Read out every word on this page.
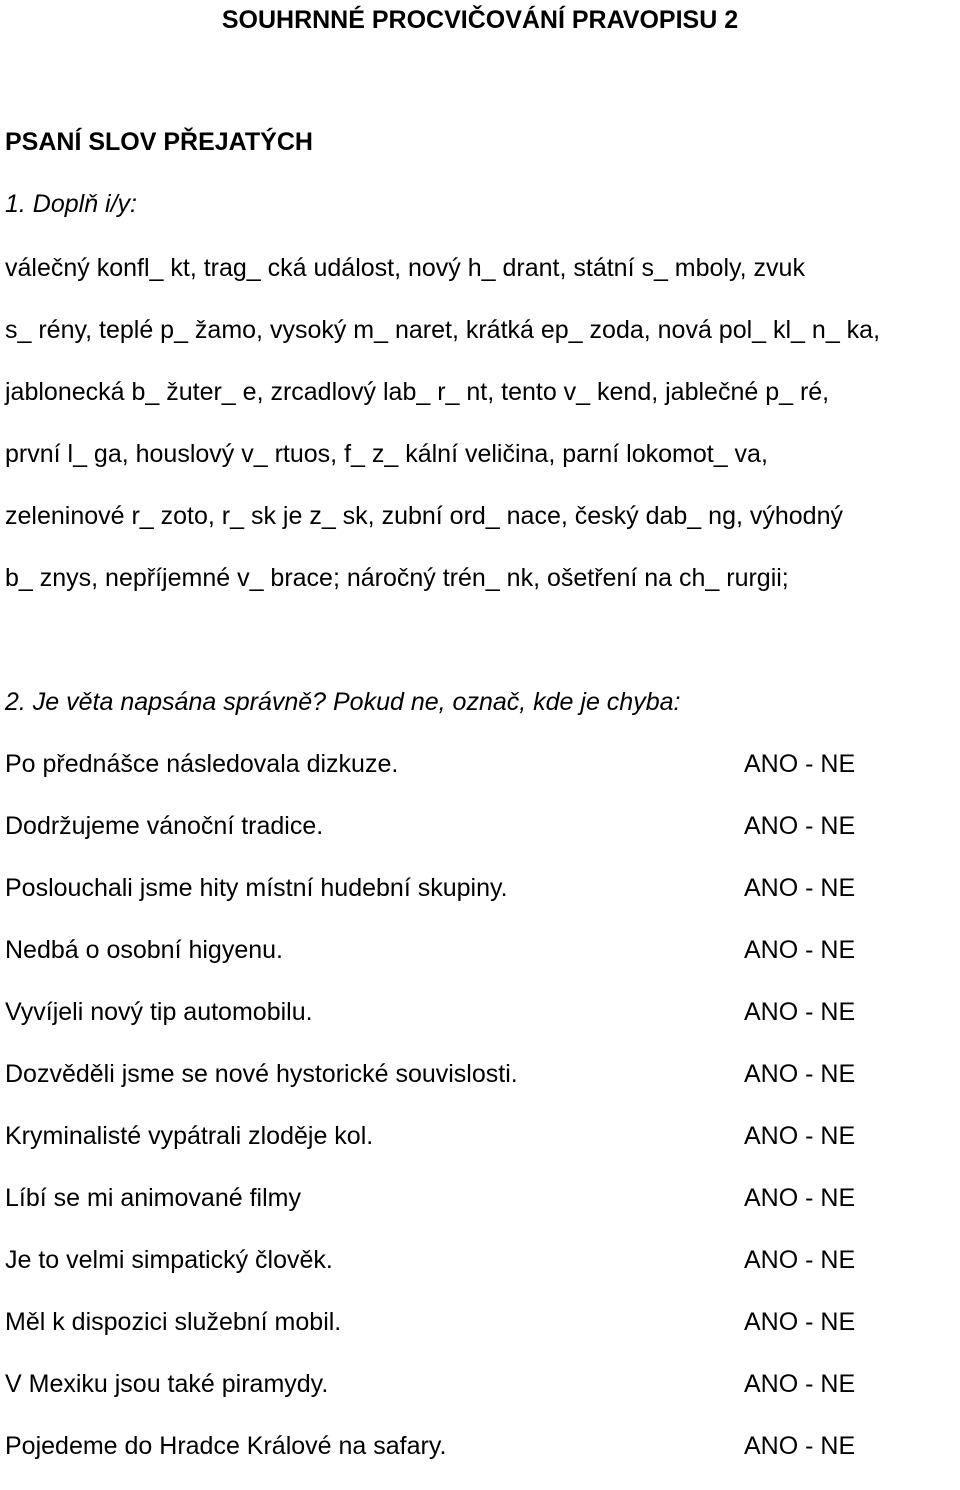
SOUHRNNÉ PROCVIČOVÁNÍ PRAVOPISU 2
PSANÍ SLOV PŘEJATÝCH
1. Doplň i/y:
válečný konfl_ kt, trag_ cká událost, nový h_ drant, státní s_ mboly, zvuk
s_ rény, teplé p_ žamo, vysoký m_ naret, krátká ep_ zoda, nová pol_ kl_ n_ ka,
jablonecká b_ žuter_ e, zrcadlový lab_ r_ nt, tento v_ kend, jablečné p_ ré,
první l_ ga, houslový v_ rtuos, f_ z_ kální veličina, parní lokomot_ va,
zeleninové r_ zoto, r_ sk je z_ sk, zubní ord_ nace, český dab_ ng, výhodný
b_ znys, nepříjemné v_ brace; náročný trén_ nk, ošetření na ch_ rurgii;
2. Je věta napsána správně? Pokud ne, označ, kde je chyba:
Po přednášce následovala dizkuze.	ANO - NE
Dodržujeme vánoční tradice.	ANO - NE
Poslouchali jsme hity místní hudební skupiny.	ANO - NE
Nedbá o osobní higyenu.	ANO - NE
Vyvíjeli nový tip automobilu.	ANO - NE
Dozvěděli jsme se nové hystorické souvislosti.	ANO - NE
Kryminalisté vypátrali zloděje kol.	ANO - NE
Líbí se mi animované filmy	ANO - NE
Je to velmi simpatický člověk.	ANO - NE
Měl k dispozici služební mobil.	ANO - NE
V Mexiku jsou také piramydy.	ANO - NE
Pojedeme do Hradce Králové na safary.	ANO - NE
